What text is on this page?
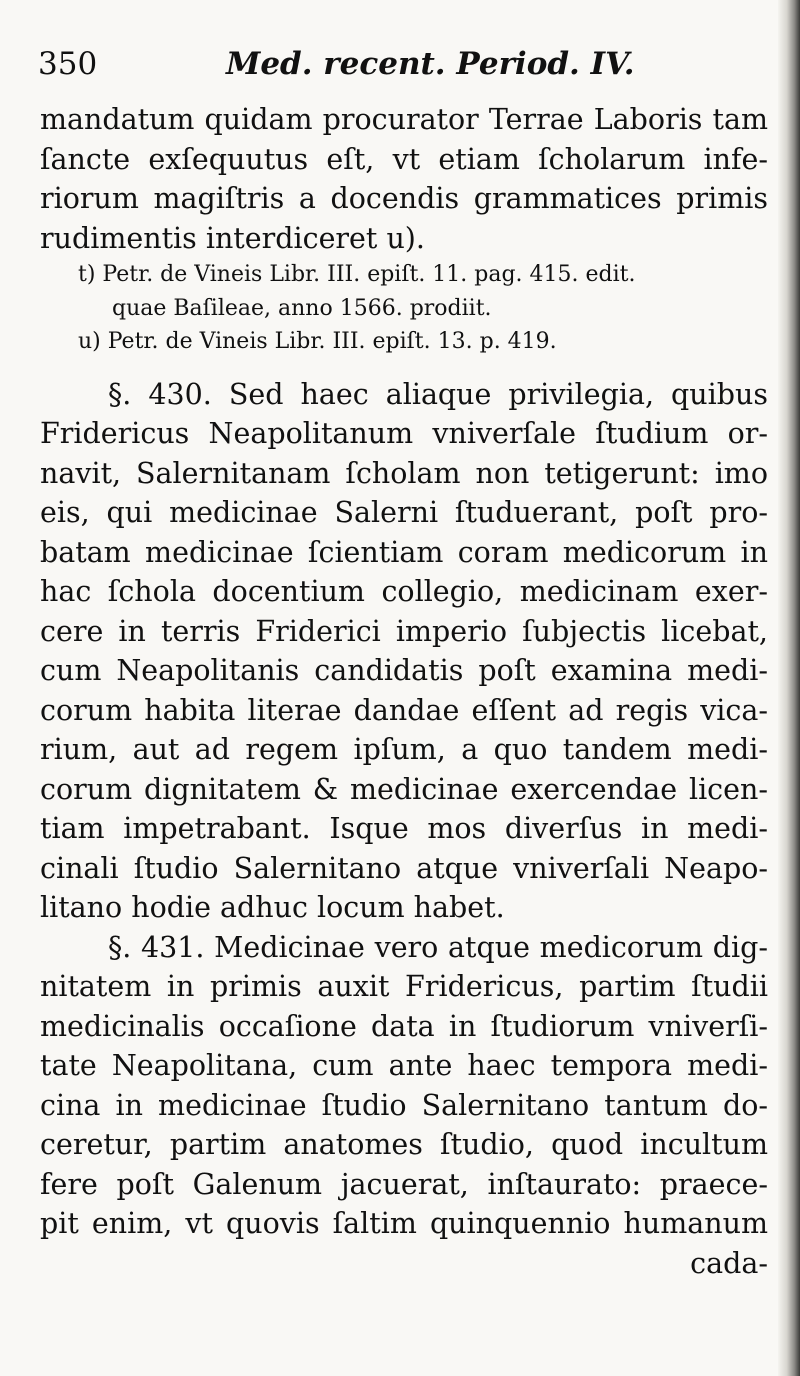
350	Med. recent. Period. IV.
mandatum quidam procurator Terrae Laboris tam
ſancte exſequutus eſt, vt etiam ſcholarum infe-
riorum magiſtris a docendis grammatices primis
rudimentis interdiceret u).
t) Petr. de Vineis Libr. III. epiſt. 11. pag. 415. edit.
quae Baſileae, anno 1566. prodiit.
u) Petr. de Vineis Libr. III. epiſt. 13. p. 419.
§. 430. Sed haec aliaque privilegia, quibus
Fridericus Neapolitanum vniverſale ſtudium or-
navit, Salernitanam ſcholam non tetigerunt: imo
eis, qui medicinae Salerni ſtuduerant, poſt pro-
batam medicinae ſcientiam coram medicorum in
hac ſchola docentium collegio, medicinam exer-
cere in terris Friderici imperio ſubjectis licebat,
cum Neapolitanis candidatis poſt examina medi-
corum habita literae dandae eſſent ad regis vica-
rium, aut ad regem ipſum, a quo tandem medi-
corum dignitatem & medicinae exercendae licen-
tiam impetrabant. Isque mos diverſus in medi-
cinali ſtudio Salernitano atque vniverſali Neapo-
litano hodie adhuc locum habet.
§. 431. Medicinae vero atque medicorum dig-
nitatem in primis auxit Fridericus, partim ſtudii
medicinalis occaſione data in ſtudiorum vniverſi-
tate Neapolitana, cum ante haec tempora medi-
cina in medicinae ſtudio Salernitano tantum do-
ceretur, partim anatomes ſtudio, quod incultum
fere poſt Galenum jacuerat, inſtaurato: praece-
pit enim, vt quovis ſaltim quinquennio humanum
cada-
